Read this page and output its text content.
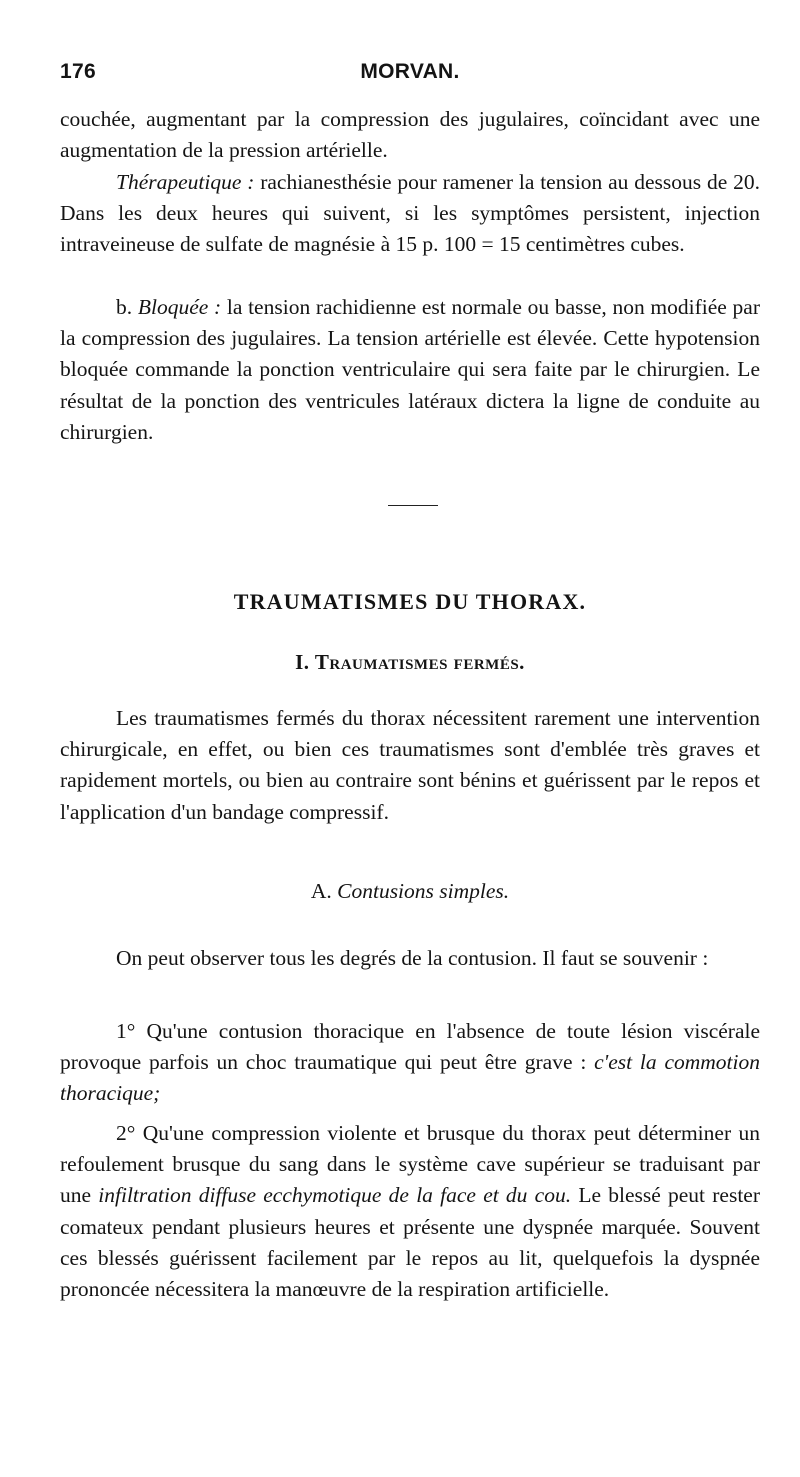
176	MORVAN.

couchée, augmentant par la compression des jugulaires, coïncidant avec une augmentation de la pression artérielle.

Thérapeutique : rachianesthésie pour ramener la tension au dessous de 20. Dans les deux heures qui suivent, si les symptômes persistent, injection intraveineuse de sulfate de magnésie à 15 p. 100 = 15 centimètres cubes.

b. Bloquée : la tension rachidienne est normale ou basse, non modifiée par la compression des jugulaires. La tension artérielle est élevée. Cette hypotension bloquée commande la ponction ventriculaire qui sera faite par le chirurgien. Le résultat de la ponction des ventricules latéraux dictera la ligne de conduite au chirurgien.

TRAUMATISMES DU THORAX.
I. Traumatismes fermés.

Les traumatismes fermés du thorax nécessitent rarement une intervention chirurgicale, en effet, ou bien ces traumatismes sont d'emblée très graves et rapidement mortels, ou bien au contraire sont bénins et guérissent par le repos et l'application d'un bandage compressif.

A. Contusions simples.

On peut observer tous les degrés de la contusion. Il faut se souvenir :

1° Qu'une contusion thoracique en l'absence de toute lésion viscérale provoque parfois un choc traumatique qui peut être grave : c'est la commotion thoracique;

2° Qu'une compression violente et brusque du thorax peut déterminer un refoulement brusque du sang dans le système cave supérieur se traduisant par une infiltration diffuse ecchymotique de la face et du cou. Le blessé peut rester comateux pendant plusieurs heures et présente une dyspnée marquée. Souvent ces blessés guérissent facilement par le repos au lit, quelquefois la dyspnée prononcée nécessitera la manœuvre de la respiration artificielle.
